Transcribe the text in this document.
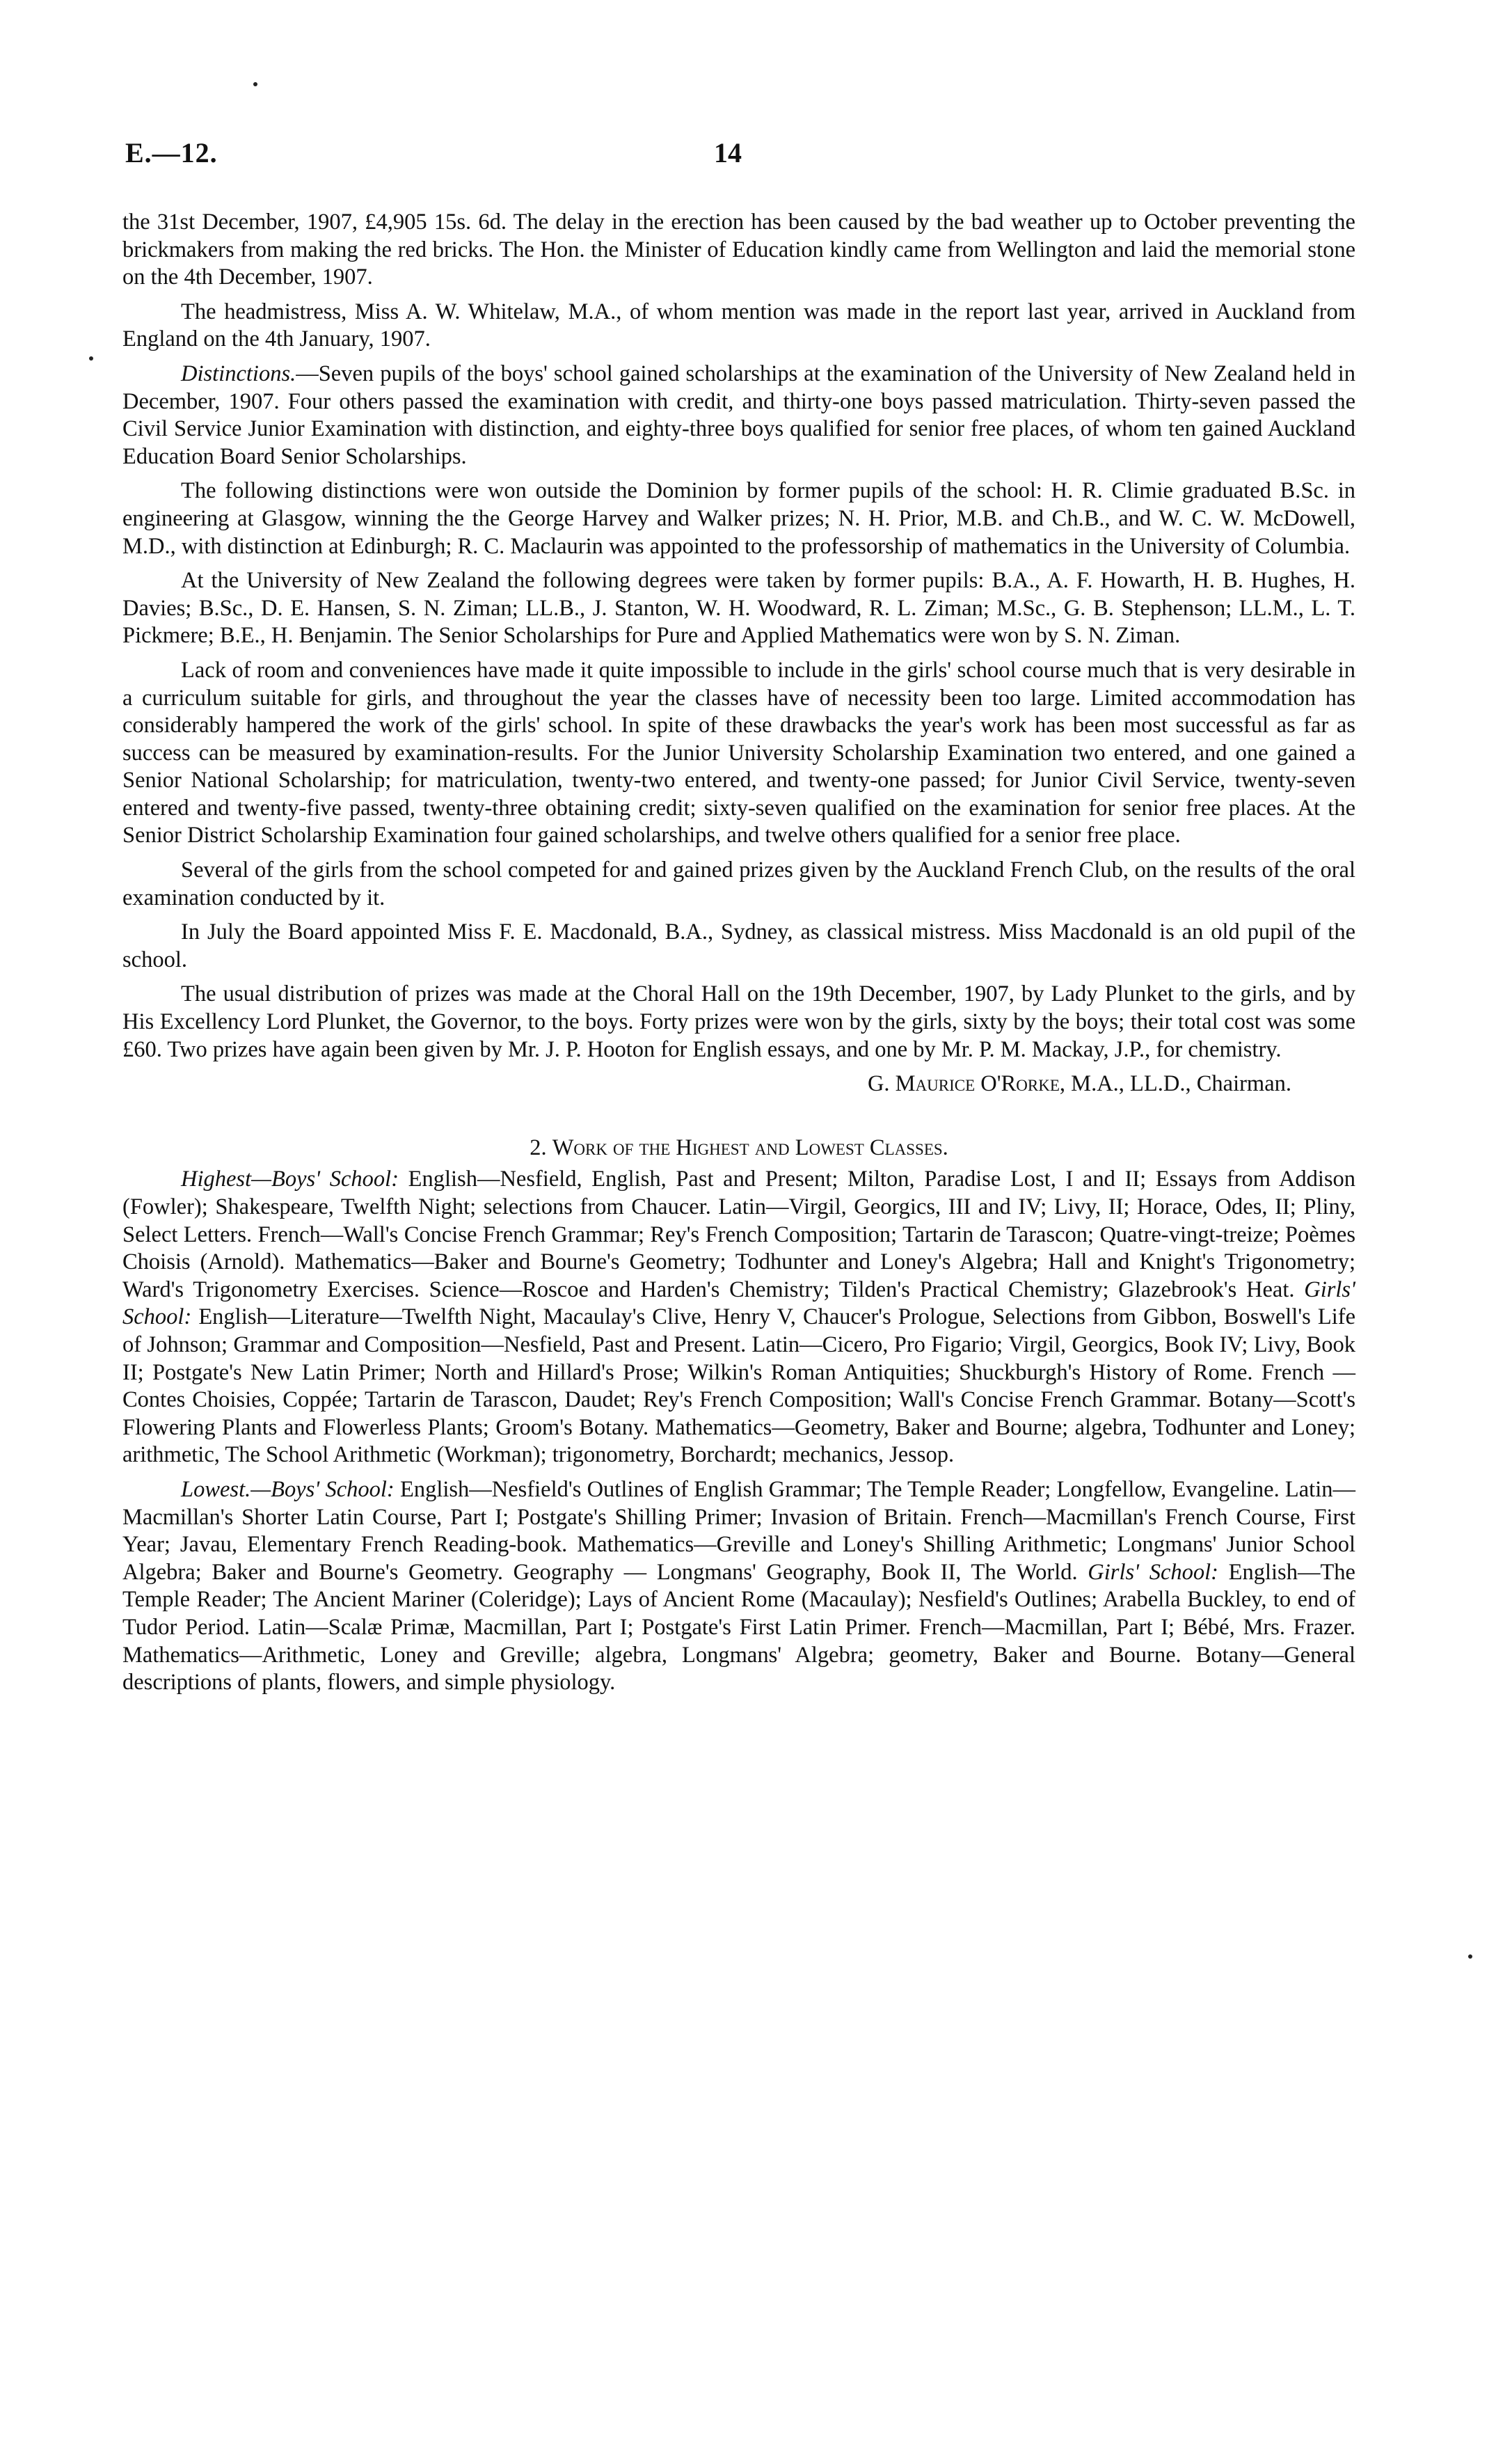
E.—12.	14

the 31st December, 1907, £4,905 15s. 6d. The delay in the erection has been caused by the bad weather up to October preventing the brickmakers from making the red bricks. The Hon. the Minister of Education kindly came from Wellington and laid the memorial stone on the 4th December, 1907.

The headmistress, Miss A. W. Whitelaw, M.A., of whom mention was made in the report last year, arrived in Auckland from England on the 4th January, 1907.

Distinctions.—Seven pupils of the boys' school gained scholarships at the examination of the University of New Zealand held in December, 1907. Four others passed the examination with credit, and thirty-one boys passed matriculation. Thirty-seven passed the Civil Service Junior Examination with distinction, and eighty-three boys qualified for senior free places, of whom ten gained Auckland Education Board Senior Scholarships.

The following distinctions were won outside the Dominion by former pupils of the school: H. R. Climie graduated B.Sc. in engineering at Glasgow, winning the the George Harvey and Walker prizes; N. H. Prior, M.B. and Ch.B., and W. C. W. McDowell, M.D., with distinction at Edinburgh; R. C. Maclaurin was appointed to the professorship of mathematics in the University of Columbia.

At the University of New Zealand the following degrees were taken by former pupils: B.A., A. F. Howarth, H. B. Hughes, H. Davies; B.Sc., D. E. Hansen, S. N. Ziman; LL.B., J. Stanton, W. H. Woodward, R. L. Ziman; M.Sc., G. B. Stephenson; LL.M., L. T. Pickmere; B.E., H. Benjamin. The Senior Scholarships for Pure and Applied Mathematics were won by S. N. Ziman.

Lack of room and conveniences have made it quite impossible to include in the girls' school course much that is very desirable in a curriculum suitable for girls, and throughout the year the classes have of necessity been too large. Limited accommodation has considerably hampered the work of the girls' school. In spite of these drawbacks the year's work has been most successful as far as success can be measured by examination-results. For the Junior University Scholarship Examination two entered, and one gained a Senior National Scholarship; for matriculation, twenty-two entered, and twenty-one passed; for Junior Civil Service, twenty-seven entered and twenty-five passed, twenty-three obtaining credit; sixty-seven qualified on the examination for senior free places. At the Senior District Scholarship Examination four gained scholarships, and twelve others qualified for a senior free place.

Several of the girls from the school competed for and gained prizes given by the Auckland French Club, on the results of the oral examination conducted by it.

In July the Board appointed Miss F. E. Macdonald, B.A., Sydney, as classical mistress. Miss Macdonald is an old pupil of the school.

The usual distribution of prizes was made at the Choral Hall on the 19th December, 1907, by Lady Plunket to the girls, and by His Excellency Lord Plunket, the Governor, to the boys. Forty prizes were won by the girls, sixty by the boys; their total cost was some £60. Two prizes have again been given by Mr. J. P. Hooton for English essays, and one by Mr. P. M. Mackay, J.P., for chemistry.

G. Maurice O'Rorke, M.A., LL.D., Chairman.

2. Work of the Highest and Lowest Classes.

Highest—Boys' School: English—Nesfield, English, Past and Present; Milton, Paradise Lost, I and II; Essays from Addison (Fowler); Shakespeare, Twelfth Night; selections from Chaucer. Latin—Virgil, Georgics, III and IV; Livy, II; Horace, Odes, II; Pliny, Select Letters. French—Wall's Concise French Grammar; Rey's French Composition; Tartarin de Tarascon; Quatre-vingt-treize; Poèmes Choisis (Arnold). Mathematics—Baker and Bourne's Geometry; Todhunter and Loney's Algebra; Hall and Knight's Trigonometry; Ward's Trigonometry Exercises. Science—Roscoe and Harden's Chemistry; Tilden's Practical Chemistry; Glazebrook's Heat. Girls' School: English—Literature—Twelfth Night, Macaulay's Clive, Henry V, Chaucer's Prologue, Selections from Gibbon, Boswell's Life of Johnson; Grammar and Composition—Nesfield, Past and Present. Latin—Cicero, Pro Figario; Virgil, Georgics, Book IV; Livy, Book II; Postgate's New Latin Primer; North and Hillard's Prose; Wilkin's Roman Antiquities; Shuckburgh's History of Rome. French — Contes Choisies, Coppée; Tartarin de Tarascon, Daudet; Rey's French Composition; Wall's Concise French Grammar. Botany—Scott's Flowering Plants and Flowerless Plants; Groom's Botany. Mathematics—Geometry, Baker and Bourne; algebra, Todhunter and Loney; arithmetic, The School Arithmetic (Workman); trigonometry, Borchardt; mechanics, Jessop.

Lowest.—Boys' School: English—Nesfield's Outlines of English Grammar; The Temple Reader; Longfellow, Evangeline. Latin—Macmillan's Shorter Latin Course, Part I; Postgate's Shilling Primer; Invasion of Britain. French—Macmillan's French Course, First Year; Javau, Elementary French Reading-book. Mathematics—Greville and Loney's Shilling Arithmetic; Longmans' Junior School Algebra; Baker and Bourne's Geometry. Geography — Longmans' Geography, Book II, The World. Girls' School: English—The Temple Reader; The Ancient Mariner (Coleridge); Lays of Ancient Rome (Macaulay); Nesfield's Outlines; Arabella Buckley, to end of Tudor Period. Latin—Scalæ Primæ, Macmillan, Part I; Postgate's First Latin Primer. French—Macmillan, Part I; Bébé, Mrs. Frazer. Mathematics—Arithmetic, Loney and Greville; algebra, Longmans' Algebra; geometry, Baker and Bourne. Botany—General descriptions of plants, flowers, and simple physiology.
